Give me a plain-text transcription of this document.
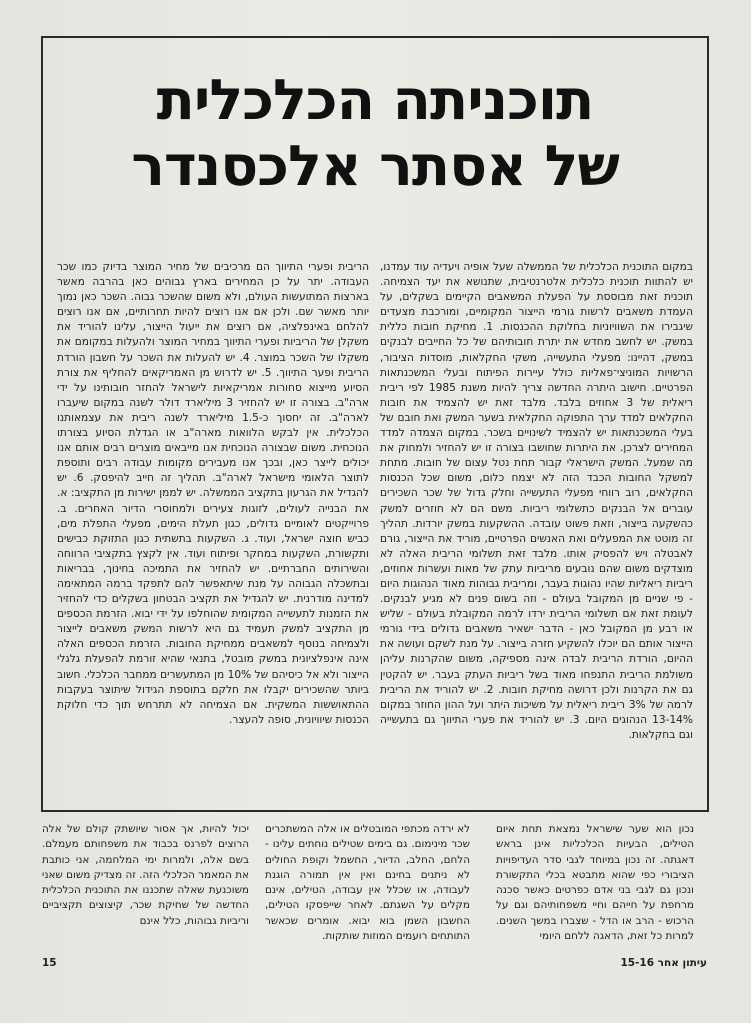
תוכניתה הכלכלית
של אסתר אלכסנדר

במקום התוכנית הכלכלית של הממשלה שעל אופיה ויעדיה עוד עמדנו, יש להתוות תוכנית כלכלית אלטרנטיבית, שתנושא את יעד הצמיחה. תוכנית זאת מבוססת על הפעלת המשאבים הקיימים בשקלים, על העמדת משאבים לרשות גורמי הייצור המקומיים, ומורכבת מצעדים שיגבירו את השוויוניות בחלוקת ההכנסות. 1. מחיקת חובות כללית במשק. יש לחשב מחדש את יתרת חובותיהם של כל החייבים לבנקים במשק, דהיינו: מפעלי התעשייה, משקי החקלאות, מוסדות הציבור, הרשויות המוניצי־פאליות כולל עיירות הפיתוח ובעלי המשכנתאות הפרטיים. חישוב היתרה החדשה צריך להיות משנת 1985 לפי ריבית ריאלית של 3 אחוזים בלבד. מלבד זאת יש להצמיד את חובות החקלאים למדד ערך התפוקה החקלאית בשער המשק ואת חובם של בעלי המשכנתאות יש להצמיד לשינויים בשכר. במקום הצמדה למדד המחירים לצרכן. את היתרות שחושבו בצורה זו יש להחזיר ולמחוק את מה שמעל. המשק הישראלי קבור תחת נטל עצום של חובות. מתחת למשקל החובות הכבד הזה לא יצמח כלום, משום שכל הכנסות החקלאים, רוב רווחי מפעלי התעשייה וחלק גדול של שכר השכירים עוברים אל הבנקים כתשלומי ריביות. משם הם לא חוזרים למשק כהשקעה בייצור, וזאת פשוט עובדה. ההשקעות במשק יורדות. תהליך זה מוטט את המפעלים ואת האנשים הפרטיים, מוריד את הייצור, גורם לאבטלה ויש להפסיק אותו. מלבד זאת תשלומי הריבית האלה לא מוצדקים משום שהם נובעים מריביות עתק של מאות ועשרות אחוזים, ריביות ריאליות שהיו נהוגות בעבר, ומריבית גבוהות מאוד הנהוגות היום - פי שניים מן המקובל בעולם - וזה בשום פנים לא מגיע לבנקים. לעומת זאת אם תשלומי הריבית ירדו לרמה המקובלת בעולם - שליש או רבע מן המקובל כאן - הדבר ישאיר משאבים גדולים בידי גורמי הייצור אותם הם יוכלו להשקיע חזרה בייצור. על מנת לשקם ועושה את ההיום, הורדת הריבית לבדה אינה מספיקה, משום שהקרנות עליהן משולמת הריבית התנפחו מאוד בשל ריביות העתק בעבר. יש להקטין גם את הקרנות ולכן דרושה מחיקת חובות. 2. יש להוריד את הריבית לרמה של 3% ריבית ריאלית על משיכות היתר ועל ההון החוזר במקום 13-14% הנהוגים היום. 3. יש להוריד את פערי התיווך גם בתעשייה וגם בחקלאות.

הריבית ופערי התיווך הם מרכיבים של מחיר המוצר בדיוק כמו שכר העבודה. יתר על כן המחירים בארץ גבוהים כאן בהרבה מאשר בארצות המתועשות העולם, ולא משום שהשכר גבוה. השכר כאן נמוך יותר מאשר שם. ולכן אם אנו רוצים להיות תחרותיים, אם אנו רוצים להלחם באינפלציה, אם רוצים את ייעול הייצור, עלינו להוריד את משקלן של הריביות ופערי התיווך במחיר המוצר ולהעלות במקומם את משקלו של השכר במוצר. 4. יש להעלות את השכר על חשבון הורדת הריבית ופער התיווך. 5. יש לדרוש מן האמריקאים להחליף את צורת הסיוע מייצוא סחורות אמריקאיות לישראל להחזר חובותינו על ידי ארה"ב. בצורה זו יש להחזיר 3 מיליארד דולר לשנה במקום שיעברו לארה"ב. זה יחסוך כ-1.5 מיליארד לשנה ריבית את עצמאותנו הכלכלית. אין לבקש הלוואות מארה"ב או הגדלת הסיוע בצורתו הנוכחית. משום שבצורה הנוכחית אנו מייבאים מוצרים רבים אותם אנו יכולים לייצר כאן, ובכך אנו מעבירים מקומות עבודה רבים ותוספת לתוצר הלאומי מישראל לארה"ב. תהליך זה חייב להיפסק. 6. יש להגדיל את הגרעון בתקציב הממשלה. יש לממן ישירות מן התקציב: א. את הבנייה לעולים, לזוגות צעירים ולמחוסרי הדיור האחרים. ב. פרוייקטים לאומיים גדולים, כגון תעלת הימים, מפעלי התפלת מים, כביש חוצה ישראל, ועוד. ג. השקעות בתשתית כגון התזוקת כבישים ותקשורת, השקעות במחקר ופיתוח ועוד. אין לקצץ בתקציבי הרווחה והשירותים החברתיים. יש להחזיר את התמיכה בחינוך, בבריאות ובתשכלה הגבוהה על מנת שיתאפשר להם לתפקד ברמה המתאימה למדינה מודרנית. יש להגדיל את תקציב הבטחון בשקלים כדי להחזיר את הזמנות לתעשייה המקומית שהוחלפו על ידי יבוא. הזרמת הכספים מן התקציב למשק תעמיד גם היא לרשות המשק משאבים לייצור ולצמיחה בנוסף למשאבים ממחיקת החובות. הזרמת הכספים האלה אינה אינפלציונית במשק מובטל, בתנאי שהיא זורמת להפעלת גלגלי הייצור ולא אל כיסיהם של 10% מן המתעשרים ממחבר הכלכלי. חשוב ביותר שהשכירים יקבלו את חלקם בתוספת הגידול שיתוצר בעקבות ההתאוששות המשקית. אם הצמיחה לא תתרחש תוך כדי חלוקת הכנסות שיוויונית, סופה להעצר.

נכון הוא שער שישראל נמצאת תחת איום הטילים, הבעיות הכלכליות אינן בראש דאגתה. זה נכון במיוחד לגבי סדר העדיפויות הציבורי כפי שהוא מתבטא בכלי התקשורת ונכון גם לגבי בני אדם כפרטים כאשר סכנה מרחפת על חייהם וחיי משפחותיהם וגם על הרכוש - הרב או הדל - שצברו במשך השנים. למרות כל זאת, הדאגה ללחם היומי

לא ירדה מכתפי המובטלים או אלה המשתכרים שכר מינימום. גם בימים שטילים נוחתים עלינו - הלחם, החלב, הדיור, החשמל וקופת החולים לא ניתנים בחינם ואין אין תמורה הוגנת לעבודה, או שכלל אין עבודה, הטילים, אינם מקלים על השגתם. לאחר שייפסקו הטילים, החשבון השמן בוא יבוא. אומרים שכאשר התותחים רועמים המוזות שותקות.

יכול להיות, אך אסור שיושתק קולם של אלה הרוצים לפרנס בכבוד את משפחותם מעמלם. בשם אלה, ולמרות ימי המלחמה, אני כותבת את המאמר הכלכלי הזה. זה מצדיק משום שאני משוכנעת שאלה שתכננו את התוכנית הכלכלית החדשה של שחיקת שכר, קיצוצים תקציביים וריביות גבוהות, כלל אינם

15	עיתון אחר 15-16
